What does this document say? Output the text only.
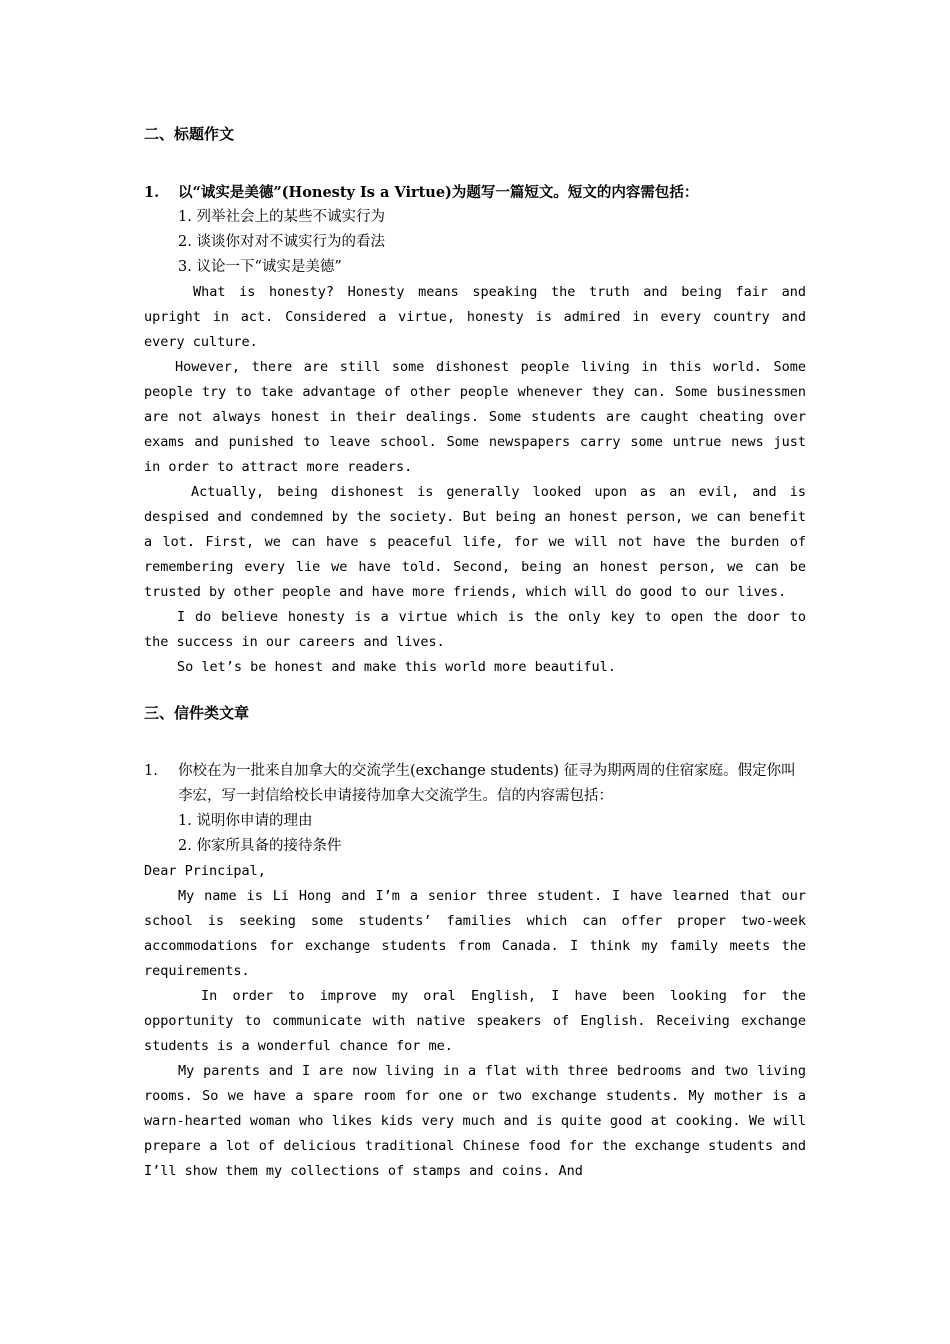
二、标题作文
1. 以“诚实是美德”(Honesty Is a Virtue)为题写一篇短文。短文的内容需包括：
1. 列举社会上的某些不诚实行为
2. 谈谈你对对不诚实行为的看法
3. 议论一下“诚实是美德”

What is honesty? Honesty means speaking the truth and being fair and upright in act. Considered a virtue, honesty is admired in every country and every culture.

However, there are still some dishonest people living in this world. Some people try to take advantage of other people whenever they can. Some businessmen are not always honest in their dealings. Some students are caught cheating over exams and punished to leave school. Some newspapers carry some untrue news just in order to attract more readers.

Actually, being dishonest is generally looked upon as an evil, and is despised and condemned by the society. But being an honest person, we can benefit a lot. First, we can have s peaceful life, for we will not have the burden of remembering every lie we have told. Second, being an honest person, we can be trusted by other people and have more friends, which will do good to our lives.

I do believe honesty is a virtue which is the only key to open the door to the success in our careers and lives.

So let’s be honest and make this world more beautiful.

三、信件类文章
1. 你校在为一批来自加拿大的交流学生(exchange students) 征寻为期两周的住宿家庭。假定你叫李宏，写一封信给校长申请接待加拿大交流学生。信的内容需包括：
1. 说明你申请的理由
2. 你家所具备的接待条件
Dear Principal,

My name is Li Hong and I’m a senior three student. I have learned that our school is seeking some students’ families which can offer proper two-week accommodations for exchange students from Canada. I think my family meets the requirements.

In order to improve my oral English, I have been looking for the opportunity to communicate with native speakers of English. Receiving exchange students is a wonderful chance for me.

My parents and I are now living in a flat with three bedrooms and two living rooms. So we have a spare room for one or two exchange students. My mother is a warn-hearted woman who likes kids very much and is quite good at cooking. We will prepare a lot of delicious traditional Chinese food for the exchange students and I’ll show them my collections of stamps and coins. And
